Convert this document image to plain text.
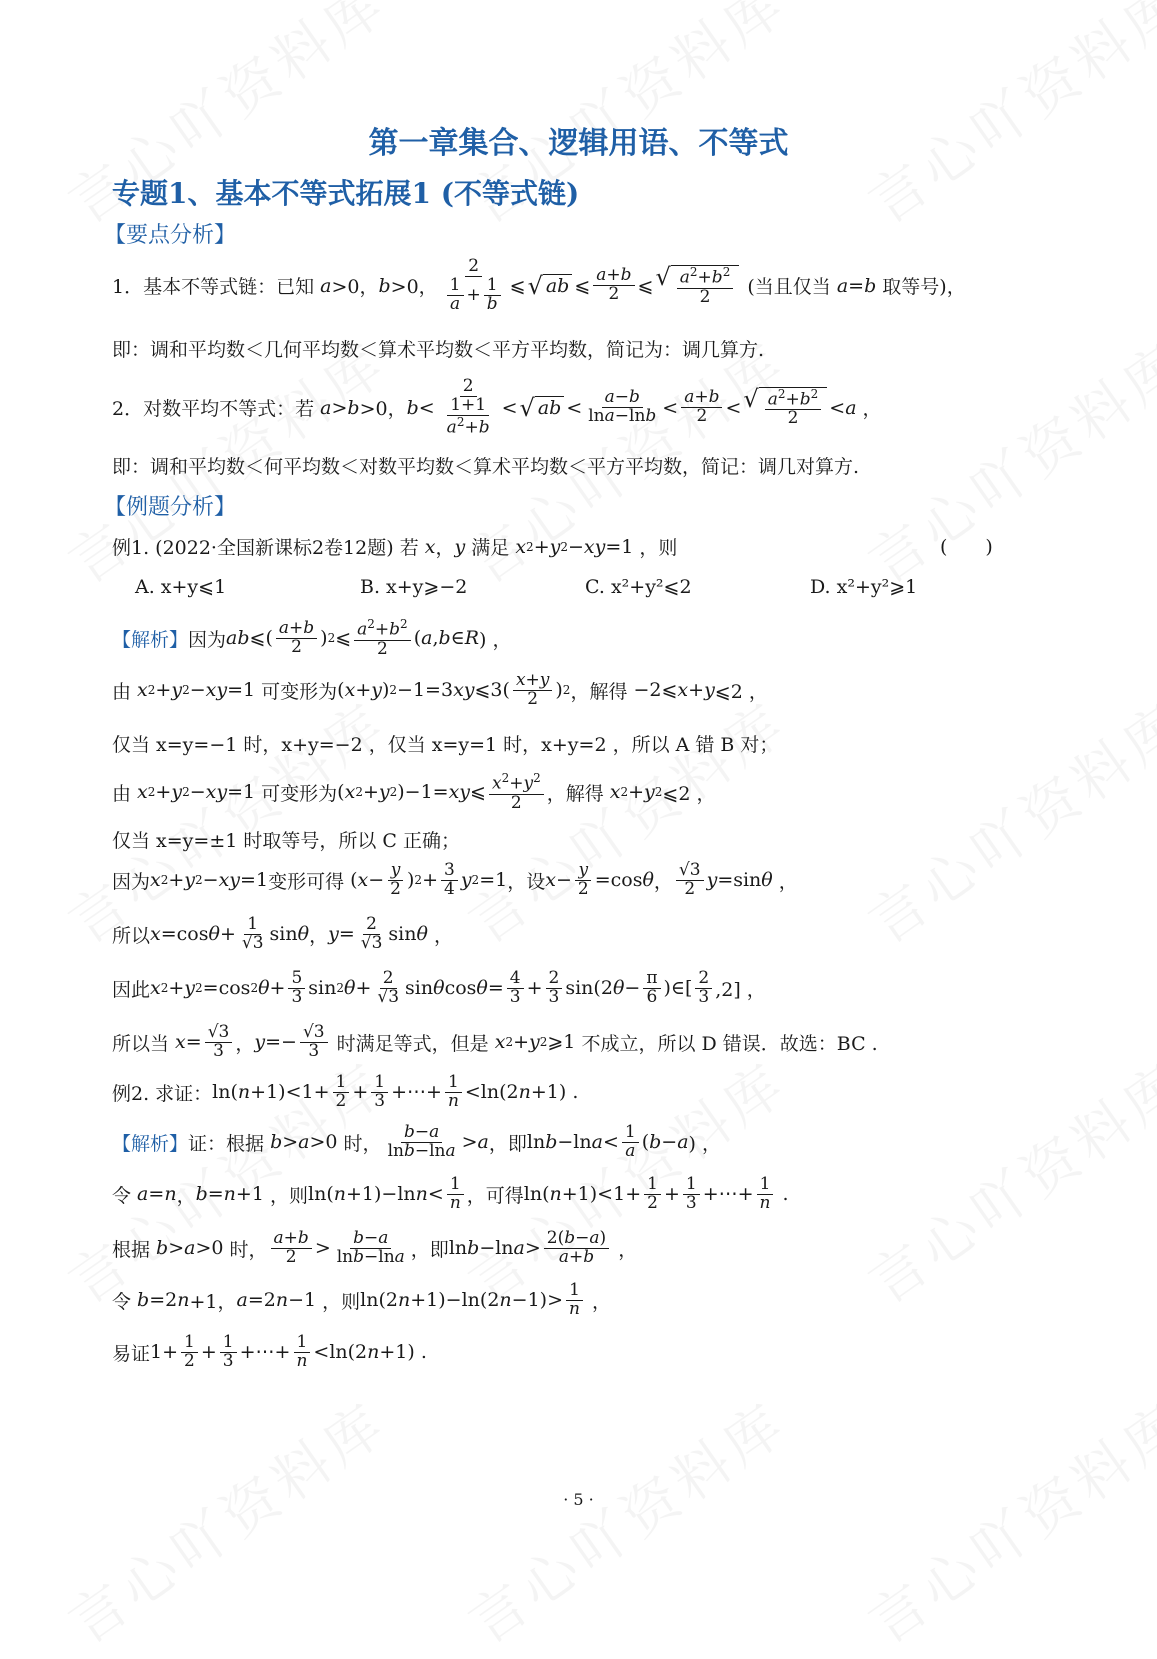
第一章集合、逻辑用语、不等式
专题1、基本不等式拓展1 (不等式链)
【要点分析】
1．基本不等式链：已知 a >0， b >0， $\frac{2}{\frac{1}{a} + \frac{1}{b}}$ ⩽ √ ab ⩽ $\frac{a+b}{2}$ ⩽ √ $\frac{a^2+b^2}{2}$
(当且仅当 a = b 取等号)，
即：调和平均数＜几何平均数＜算术平均数＜平方平均数，简记为：调几算方.
2．对数平均不等式：若 a > b >0， $b < \frac{2}{\frac{1+1}{a^2+b}}$ < √ ab < $\frac{a-b}{\ln a-\ln b} < \frac{a+b}{2}$ < √ $\frac{a^2+b^2}{2} < a$ ，
即：调和平均数＜何平均数＜对数平均数＜算术平均数＜平方平均数，简记：调几对算方.
【例题分析】
例1. (2022·全国新课标2卷12题) 若 x ， y 满足 x 2 + y 2 − xy =1 ，则	(　　)
A. x+y⩽1	B. x+y⩾−2	C. x²+y²⩽2	D. x²+y²⩾1
【解析】 因为 ab ⩽( $\frac{a+b}{2}$ ) 2 ⩽ $\frac{a^2+b^2}{2}$ ( a , b ∈ R ) ，
由 x 2 + y 2 − xy =1 可变形为 ( x + y ) 2 −1=3 xy ⩽3( $\frac{x+y}{2}$ ) 2 ，解得 −2⩽ x + y ⩽2 ，
仅当 x=y=−1 时，x+y=−2 ，仅当 x=y=1 时，x+y=2 ，所以 A 错 B 对；
由 x 2 + y 2 − xy =1 可变形为 ( x 2 + y 2 )−1= xy ⩽ $\frac{x^2+y^2}{2}$ ，解得 x 2 + y 2 ⩽2 ，
仅当 x=y=±1 时取等号，所以 C 正确；
因为 x 2 + y 2 − xy =1 变形可得 ( $x - \frac{y}{2}$ ) $2 + \frac{3}{4}$ y 2 =1 ，设 $x - \frac{y}{2} =\cos$ θ ， $\frac{√3}{2}$ y =sin θ ，
所以 x =cos $\theta + \frac{1}{√3}$ sin θ ， $y = \frac{2}{√3}$ sin θ ，
因此 x 2 + y 2 =cos 2 $\theta + \frac{5}{3}$ sin 2 $\theta + \frac{2}{√3}$ sin θ $\cos \theta = \frac{4}{3} + \frac{2}{3} \sin(2$ $\theta - \frac{\pi}{6}$ )∈[ $\frac{2}{3} ,2$] ，
所以当 $x = \frac{√3}{3}$ ， $y =- \frac{√3}{3}$
时满足等式，但是 x 2 + y 2 ⩾1 不成立，所以 D 错误．故选：BC .
例2. 求证： ln( $n +1)<1+ \frac{1}{2} + \frac{1}{3}$ +⋯+ $\frac{1}{n} <\ln(2$ n +1) .
【解析】 证：根据 b > a >0 时， $\frac{b-a}{\ln b-\ln a} > a$ ，即 ln b −ln $a < \frac{1}{a}$ ( b − a ) ，
令 a = n ， b = n +1 ，则 ln( n +1)−ln $n < \frac{1}{n}$ ，可得 ln( $n +1)<1+ \frac{1}{2} + \frac{1}{3}$ +⋯+ $\frac{1}{n}$ .
根据 b > a >0 时， $\frac{a+b}{2} > \frac{b-a}{\ln b-\ln a}$ ，即 ln b −ln $a > \frac{2(b-a)}{a+b}$ ，
令 b =2 n +1， a =2 n −1 ，则 ln(2 n +1)−ln(2 $n -1)> \frac{1}{n}$ ，
易证 $1+ \frac{1}{2} + \frac{1}{3}$ +⋯+ $\frac{1}{n} <\ln(2$ n +1) .
· 5 ·
